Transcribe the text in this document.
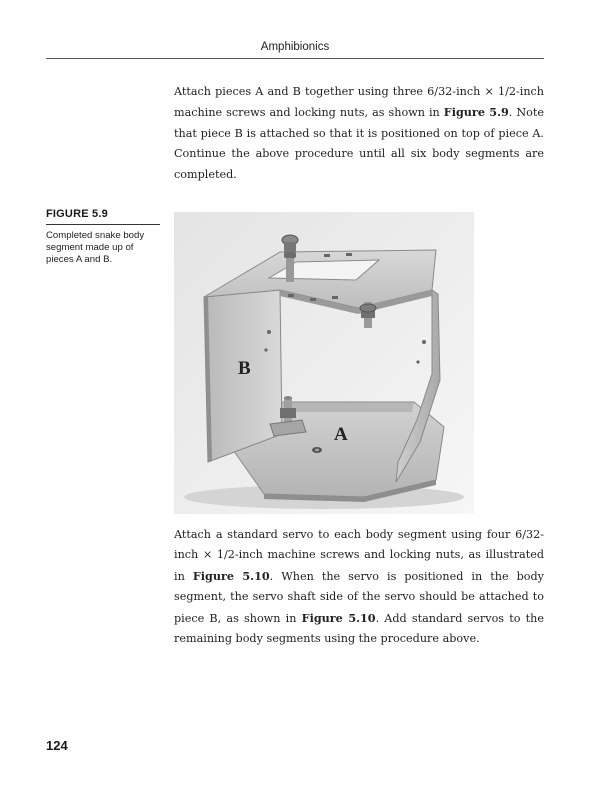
Amphibionics

Attach pieces A and B together using three 6/32-inch × 1/2-inch machine screws and locking nuts, as shown in Figure 5.9. Note that piece B is attached so that it is positioned on top of piece A. Continue the above procedure until all six body segments are completed.

FIGURE 5.9
Completed snake body segment made up of pieces A and B.
B
A

Attach a standard servo to each body segment using four 6/32-inch × 1/2-inch machine screws and locking nuts, as illustrated in Figure 5.10. When the servo is positioned in the body segment, the servo shaft side of the servo should be attached to piece B, as shown in Figure 5.10. Add standard servos to the remaining body segments using the procedure above.

124
